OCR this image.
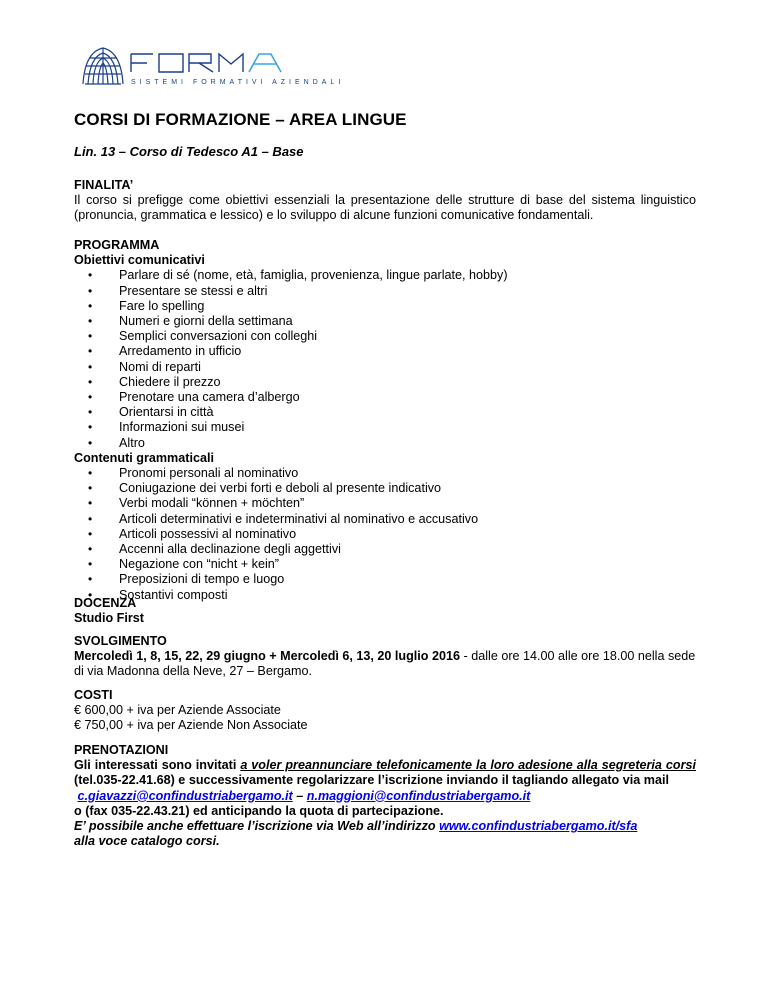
SISTEMI FORMATIVI AZIENDALI
CORSI DI FORMAZIONE – AREA LINGUE
Lin. 13 – Corso di Tedesco A1 – Base
FINALITA’
Il corso si prefigge come obiettivi essenziali la presentazione delle strutture di base del sistema linguistico (pronuncia, grammatica e lessico) e lo sviluppo di alcune funzioni comunicative fondamentali.
PROGRAMMA
Obiettivi comunicativi
• Parlare di sé (nome, età, famiglia, provenienza, lingue parlate, hobby)
• Presentare se stessi e altri
• Fare lo spelling
• Numeri e giorni della settimana
• Semplici conversazioni con colleghi
• Arredamento in ufficio
• Nomi di reparti
• Chiedere il prezzo
• Prenotare una camera d’albergo
• Orientarsi in città
• Informazioni sui musei
• Altro
Contenuti grammaticali
• Pronomi personali al nominativo
• Coniugazione dei verbi forti e deboli al presente indicativo
• Verbi modali “können + möchten”
• Articoli determinativi e indeterminativi al nominativo e accusativo
• Articoli possessivi al nominativo
• Accenni alla declinazione degli aggettivi
• Negazione con “nicht + kein”
• Preposizioni di tempo e luogo
• Sostantivi composti
DOCENZA
Studio First
SVOLGIMENTO
Mercoledì 1, 8, 15, 22, 29 giugno + Mercoledì 6, 13, 20 luglio 2016 - dalle ore 14.00 alle ore 18.00 nella sede di via Madonna della Neve, 27 – Bergamo.
COSTI
€ 600,00 + iva per Aziende Associate
€ 750,00 + iva per Aziende Non Associate
PRENOTAZIONI
Gli interessati sono invitati a voler preannunciare telefonicamente la loro adesione alla segreteria corsi (tel.035-22.41.68) e successivamente regolarizzare l’iscrizione inviando il tagliando allegato via mail
c.giavazzi@confindustriabergamo.it – n.maggioni@confindustriabergamo.it
o (fax 035-22.43.21) ed anticipando la quota di partecipazione.
E’ possibile anche effettuare l’iscrizione via Web all’indirizzo www.confindustriabergamo.it/sfa
alla voce catalogo corsi.
